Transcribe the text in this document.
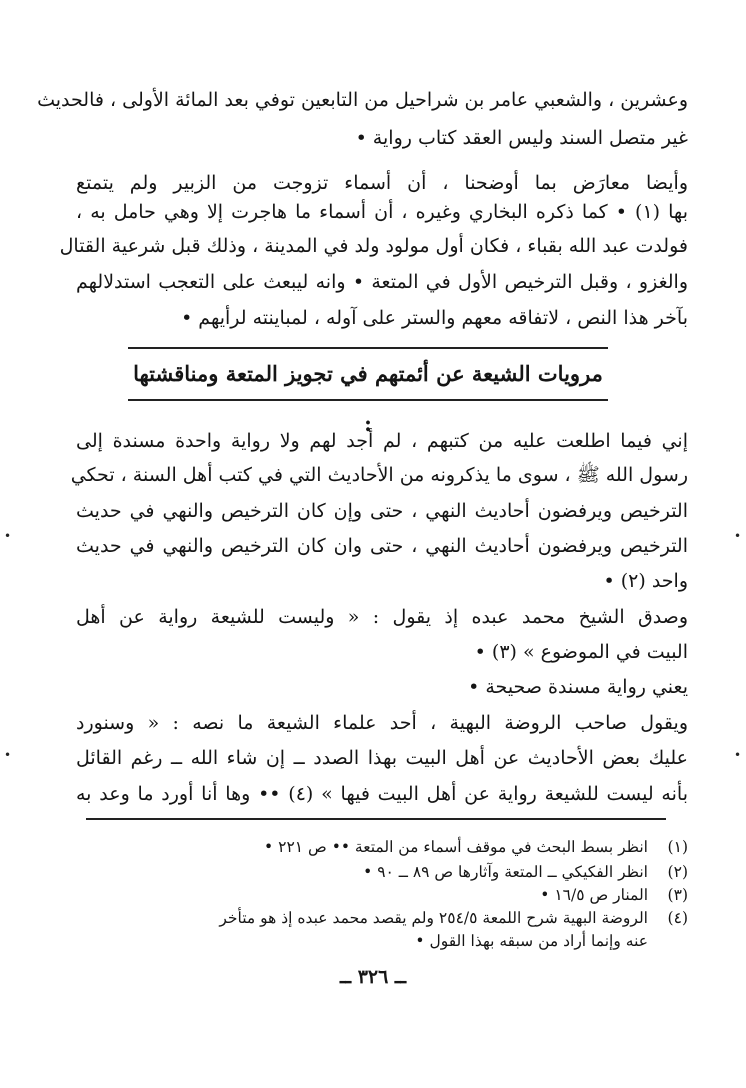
وعشرين ، والشعبي عامر بن شراحيل من التابعين توفي بعد المائة الأولى ، فالحديث
غير متصل السند وليس العقد كتاب رواية •
وأيضا معارَض بما أوضحنا ، أن أسماء تزوجت من الزبير ولم يتمتع
بها (١) • كما ذكره البخاري وغيره ، أن أسماء ما هاجرت إلا وهي حامل به ،
فولدت عبد الله بقباء ، فكان أول مولود ولد في المدينة ، وذلك قبل شرعية القتال
والغزو ، وقبل الترخيص الأول في المتعة • وانه ليبعث على التعجب استدلالهم
بآخر هذا النص ، لاتفاقه معهم والستر على آوله ، لمباينته لرأيهم •
مرويات الشيعة عن أئمتهم في تجويز المتعة ومناقشتها :
إني فيما اطلعت عليه من كتبهم ، لم أجد لهم ولا رواية واحدة مسندة إلى
رسول الله ﷺ ، سوى ما يذكرونه من الأحاديث التي في كتب أهل السنة ، تحكي
الترخيص ويرفضون أحاديث النهي ، حتى وإن كان الترخيص والنهي في حديث
الترخيص ويرفضون أحاديث النهي ، حتى وان كان الترخيص والنهي في حديث
واحد (٢) •
وصدق الشيخ محمد عبده إذ يقول : « وليست للشيعة رواية عن أهل
البيت في الموضوع » (٣) •
يعني رواية مسندة صحيحة •
ويقول صاحب الروضة البهية ، أحد علماء الشيعة ما نصه : « وسنورد
عليك بعض الأحاديث عن أهل البيت بهذا الصدد ــ إن شاء الله ــ رغم القائل
بأنه ليست للشيعة رواية عن أهل البيت فيها » (٤) •• وها أنا أورد ما وعد به
(١)انظر بسط البحث في موقف أسماء من المتعة •• ص ٢٢١ •
(٢)انظر الفكيكي ــ المتعة وآثارها ص ٨٩ ــ ٩٠ •
(٣)المنار ص ١٦/٥ •
(٤)الروضة البهية شرح اللمعة ٢٥٤/٥ ولم يقصد محمد عبده إذ هو متأخر
عنه وإنما أراد من سبقه بهذا القول •
ــ ٣٢٦ ــ
•	•
•	•
